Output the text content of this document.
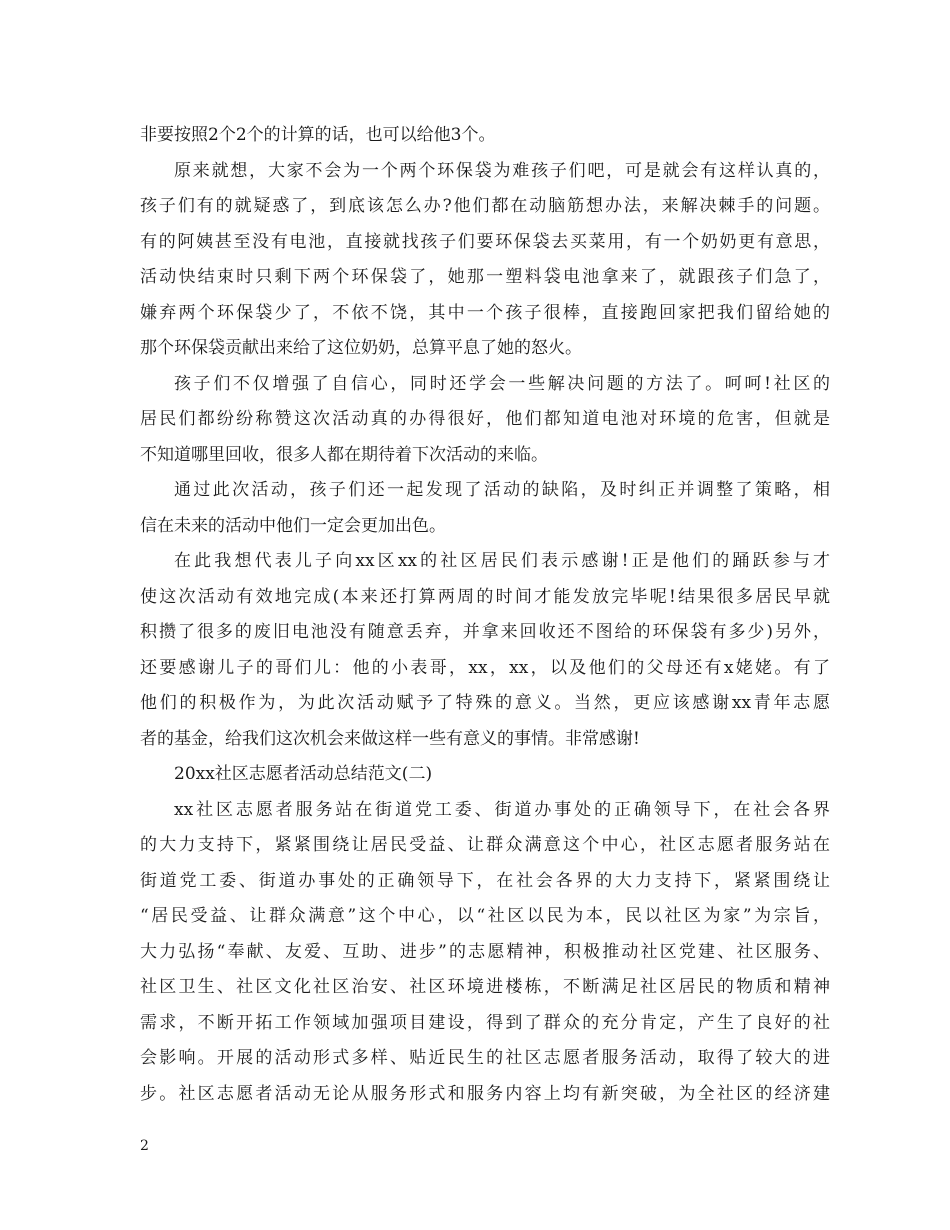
非要按照2个2个的计算的话，也可以给他3个。
原来就想，大家不会为一个两个环保袋为难孩子们吧，可是就会有这样认真的，
孩子们有的就疑惑了，到底该怎么办?他们都在动脑筋想办法，来解决棘手的问题。
有的阿姨甚至没有电池，直接就找孩子们要环保袋去买菜用，有一个奶奶更有意思，
活动快结束时只剩下两个环保袋了，她那一塑料袋电池拿来了，就跟孩子们急了，
嫌弃两个环保袋少了，不依不饶，其中一个孩子很棒，直接跑回家把我们留给她的
那个环保袋贡献出来给了这位奶奶，总算平息了她的怒火。
孩子们不仅增强了自信心，同时还学会一些解决问题的方法了。呵呵!社区的
居民们都纷纷称赞这次活动真的办得很好，他们都知道电池对环境的危害，但就是
不知道哪里回收，很多人都在期待着下次活动的来临。
通过此次活动，孩子们还一起发现了活动的缺陷，及时纠正并调整了策略，相
信在未来的活动中他们一定会更加出色。
在此我想代表儿子向xx区xx的社区居民们表示感谢!正是他们的踊跃参与才
使这次活动有效地完成(本来还打算两周的时间才能发放完毕呢!结果很多居民早就
积攒了很多的废旧电池没有随意丢弃，并拿来回收还不图给的环保袋有多少)另外，
还要感谢儿子的哥们儿：他的小表哥，xx，xx，以及他们的父母还有x姥姥。有了
他们的积极作为，为此次活动赋予了特殊的意义。当然，更应该感谢xx青年志愿
者的基金，给我们这次机会来做这样一些有意义的事情。非常感谢!
20xx社区志愿者活动总结范文(二)
xx社区志愿者服务站在街道党工委、街道办事处的正确领导下，在社会各界
的大力支持下，紧紧围绕让居民受益、让群众满意这个中心，社区志愿者服务站在
街道党工委、街道办事处的正确领导下，在社会各界的大力支持下，紧紧围绕让
“居民受益、让群众满意”这个中心，以“社区以民为本，民以社区为家”为宗旨，
大力弘扬“奉献、友爱、互助、进步”的志愿精神，积极推动社区党建、社区服务、
社区卫生、社区文化社区治安、社区环境进楼栋，不断满足社区居民的物质和精神
需求，不断开拓工作领域加强项目建设，得到了群众的充分肯定，产生了良好的社
会影响。开展的活动形式多样、贴近民生的社区志愿者服务活动，取得了较大的进
步。社区志愿者活动无论从服务形式和服务内容上均有新突破，为全社区的经济建
2
